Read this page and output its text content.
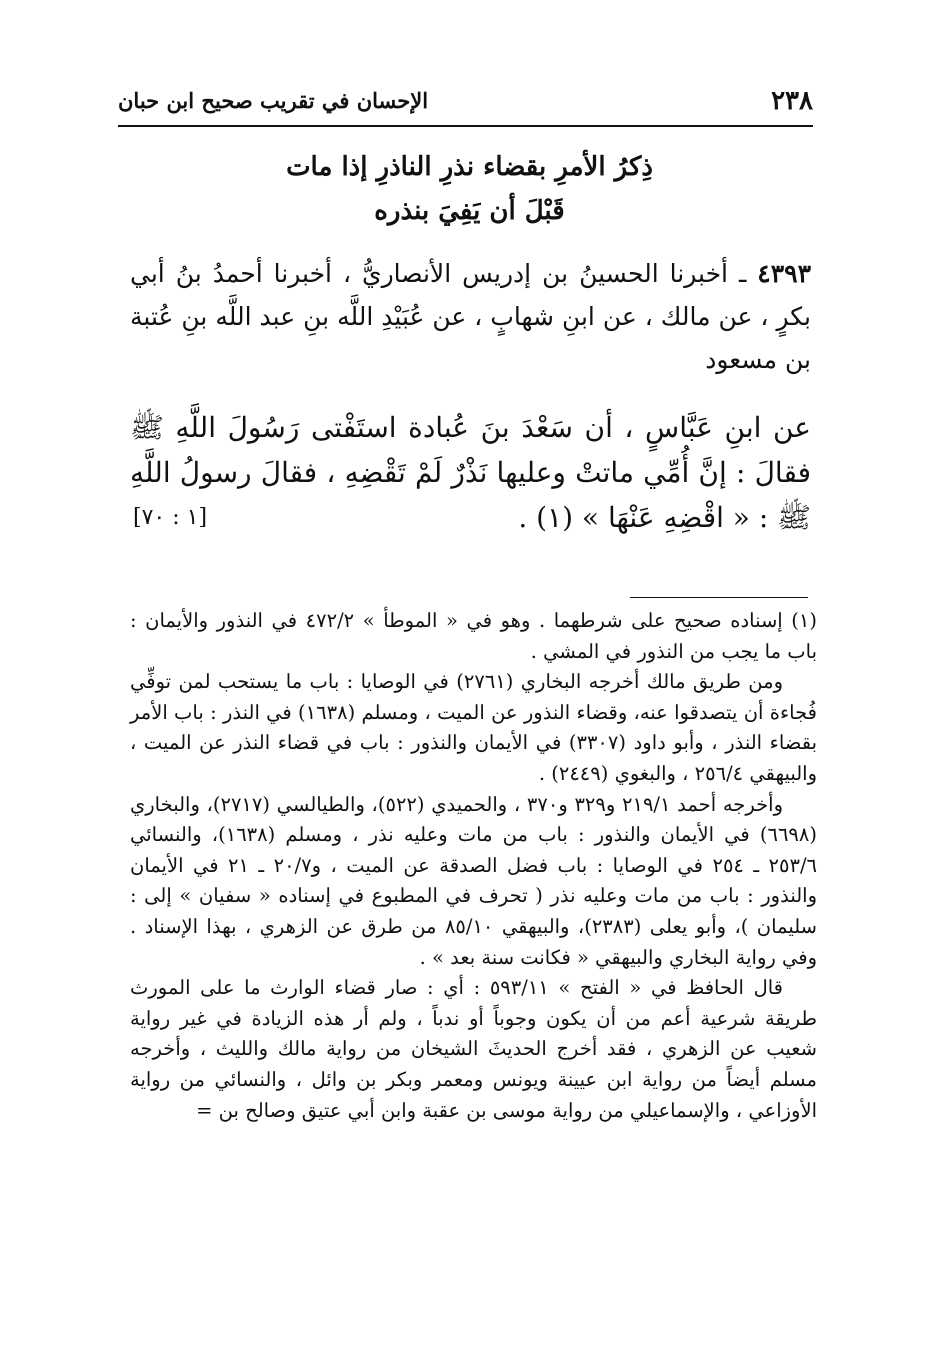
٢٣٨
الإحسان في تقريب صحيح ابن حبان
ذِكرُ الأمرِ بقضاء نذرِ الناذرِ إذا مات
قَبْلَ أن يَفِيَ بنذره

٤٣٩٣ ـ أخبرنا الحسينُ بن إدريس الأنصاريُّ ، أخبرنا أحمدُ بنُ أبي بكرٍ ، عن مالك ، عن ابنِ شهابٍ ، عن عُبَيْدِ اللَّه بنِ عبد اللَّه بنِ عُتبة بن مسعود

عن ابنِ عَبَّاسٍ ، أن سَعْدَ بنَ عُبادة استَفْتى رَسُولَ اللَّهِ ﷺ فقالَ : إنَّ أُمِّي ماتتْ وعليها نَذْرٌ لَمْ تَقْضِهِ ، فقالَ رسولُ اللَّهِ ﷺ : « اقْضِهِ عَنْهَا » (١) .

[١ : ٧٠]

(١) إسناده صحيح على شرطهما . وهو في « الموطأ » ٤٧٢/٢ في النذور والأيمان : باب ما يجب من النذور في المشي .

ومن طريق مالك أخرجه البخاري (٢٧٦١) في الوصايا : باب ما يستحب لمن توفِّي فُجاءة أن يتصدقوا عنه، وقضاء النذور عن الميت ، ومسلم (١٦٣٨) في النذر : باب الأمر بقضاء النذر ، وأبو داود (٣٣٠٧) في الأيمان والنذور : باب في قضاء النذر عن الميت ، والبيهقي ٢٥٦/٤ ، والبغوي (٢٤٤٩) .

وأخرجه أحمد ٢١٩/١ و٣٢٩ و٣٧٠ ، والحميدي (٥٢٢)، والطيالسي (٢٧١٧)، والبخاري (٦٦٩٨) في الأيمان والنذور : باب من مات وعليه نذر ، ومسلم (١٦٣٨)، والنسائي ٢٥٣/٦ ـ ٢٥٤ في الوصايا : باب فضل الصدقة عن الميت ، و٢٠/٧ ـ ٢١ في الأيمان والنذور : باب من مات وعليه نذر ( تحرف في المطبوع في إسناده « سفيان » إلى : سليمان )، وأبو يعلى (٢٣٨٣)، والبيهقي ٨٥/١٠ من طرق عن الزهري ، بهذا الإسناد . وفي رواية البخاري والبيهقي « فكانت سنة بعد » .

قال الحافظ في « الفتح » ٥٩٣/١١ : أي : صار قضاء الوارث ما على المورث طريقة شرعية أعم من أن يكون وجوباً أو ندباً ، ولم أر هذه الزيادة في غير رواية شعيب عن الزهري ، فقد أخرج الحديثَ الشيخان من رواية مالك والليث ، وأخرجه مسلم أيضاً من رواية ابن عيينة ويونس ومعمر وبكر بن وائل ، والنسائي من رواية الأوزاعي ، والإسماعيلي من رواية موسى بن عقبة وابن أبي عتيق وصالح بن =
